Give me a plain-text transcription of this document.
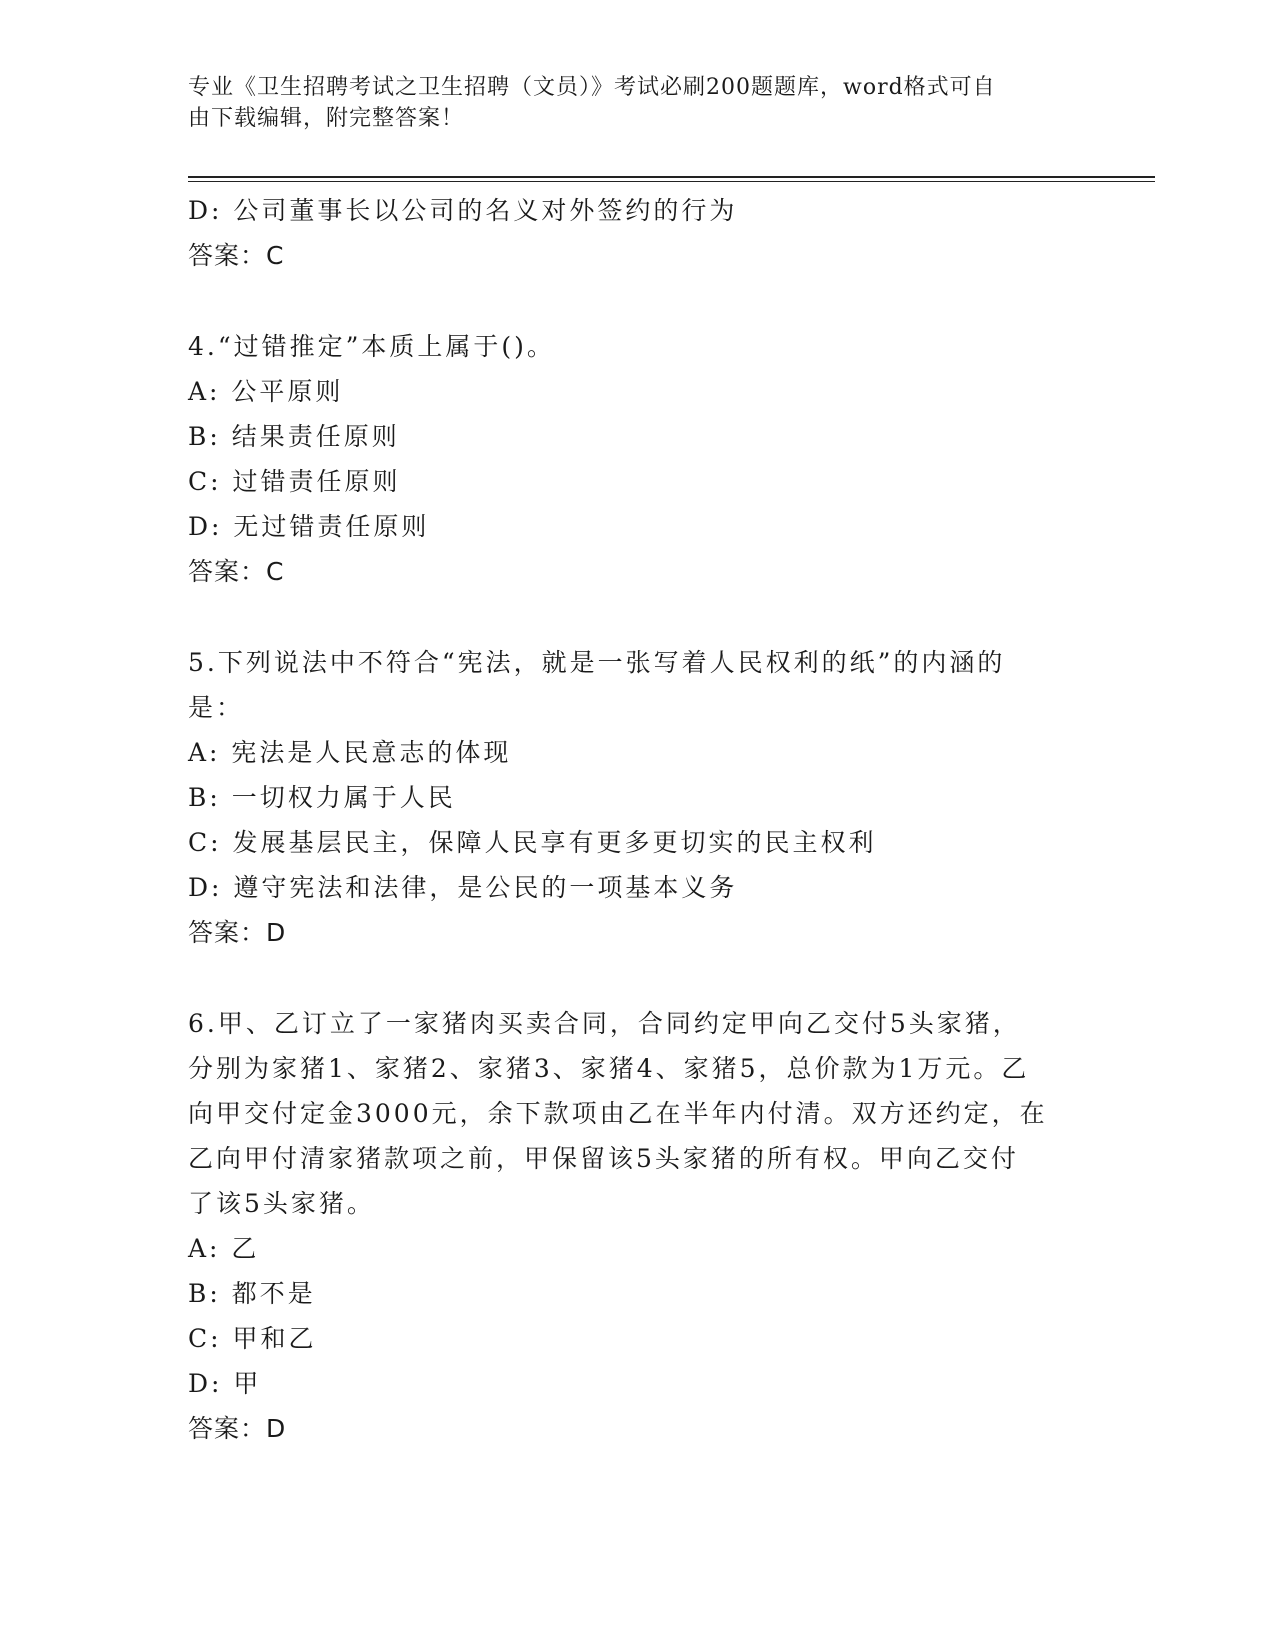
专业《卫生招聘考试之卫生招聘（文员）》考试必刷200题题库，word格式可自
由下载编辑，附完整答案！
D: 公司董事长以公司的名义对外签约的行为
答案：C
4.“过错推定”本质上属于()。
A: 公平原则
B: 结果责任原则
C: 过错责任原则
D: 无过错责任原则
答案：C
5.下列说法中不符合“宪法，就是一张写着人民权利的纸”的内涵的
是：
A: 宪法是人民意志的体现
B: 一切权力属于人民
C: 发展基层民主，保障人民享有更多更切实的民主权利
D: 遵守宪法和法律，是公民的一项基本义务
答案：D
6.甲、乙订立了一家猪肉买卖合同，合同约定甲向乙交付5头家猪，
分别为家猪1、家猪2、家猪3、家猪4、家猪5，总价款为1万元。乙
向甲交付定金3000元，余下款项由乙在半年内付清。双方还约定，在
乙向甲付清家猪款项之前，甲保留该5头家猪的所有权。甲向乙交付
了该5头家猪。
A: 乙
B: 都不是
C: 甲和乙
D: 甲
答案：D
